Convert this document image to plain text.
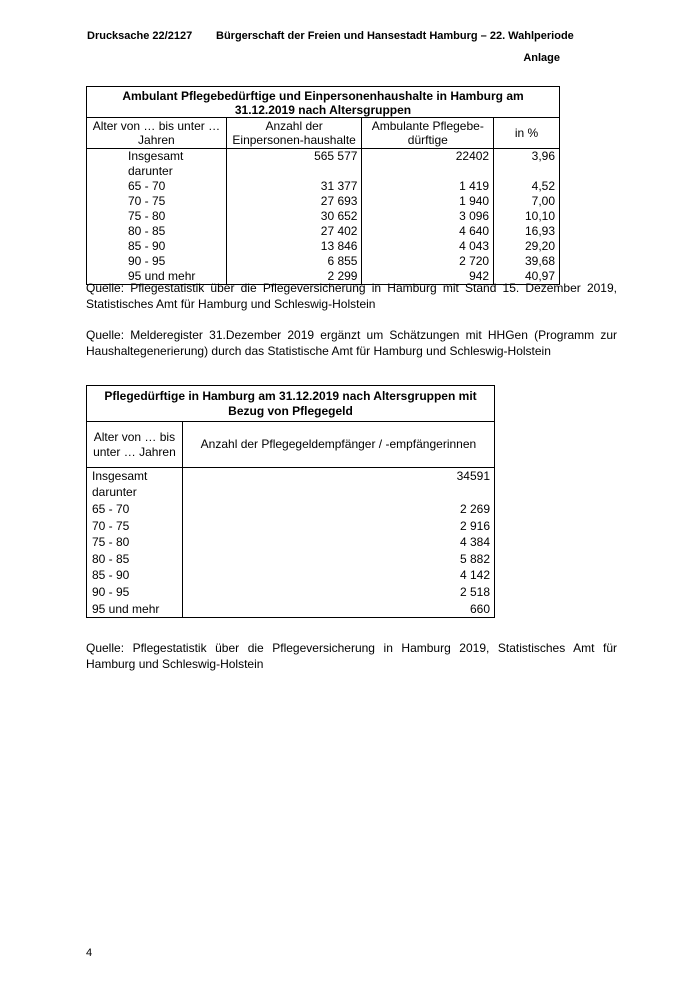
Drucksache 22/2127 Bürgerschaft der Freien und Hansestadt Hamburg – 22. Wahlperiode
Anlage
Ambulant Pflegebedürftige und Einpersonenhaushalte in Hamburg am 31.12.2019 nach Altersgruppen			
Alter von … bis unter … Jahren	Anzahl der Einpersonen-haushalte	Ambulante Pflegebe-dürftige	in %
Insgesamt	565 577	22402	3,96
darunter			
65 - 70	31 377	1 419	4,52
70 - 75	27 693	1 940	7,00
75 - 80	30 652	3 096	10,10
80 - 85	27 402	4 640	16,93
85 - 90	13 846	4 043	29,20
90 - 95	6 855	2 720	39,68
95 und mehr	2 299	942	40,97

Quelle: Pflegestatistik über die Pflegeversicherung in Hamburg mit Stand 15. Dezember 2019, Statistisches Amt für Hamburg und Schleswig-Holstein

Quelle: Melderegister 31.Dezember 2019 ergänzt um Schätzungen mit HHGen (Programm zur Haushaltegenerierung) durch das Statistische Amt für Hamburg und Schleswig-Holstein

Pflegedürftige in Hamburg am 31.12.2019 nach Altersgruppen mit Bezug von Pflegegeld	
Alter von … bis unter … Jahren	Anzahl der Pflegegeldempfänger / -empfängerinnen
Insgesamt	34591
darunter	
65 - 70	2 269
70 - 75	2 916
75 - 80	4 384
80 - 85	5 882
85 - 90	4 142
90 - 95	2 518
95 und mehr	660

Quelle: Pflegestatistik über die Pflegeversicherung in Hamburg 2019, Statistisches Amt für Hamburg und Schleswig-Holstein

4
